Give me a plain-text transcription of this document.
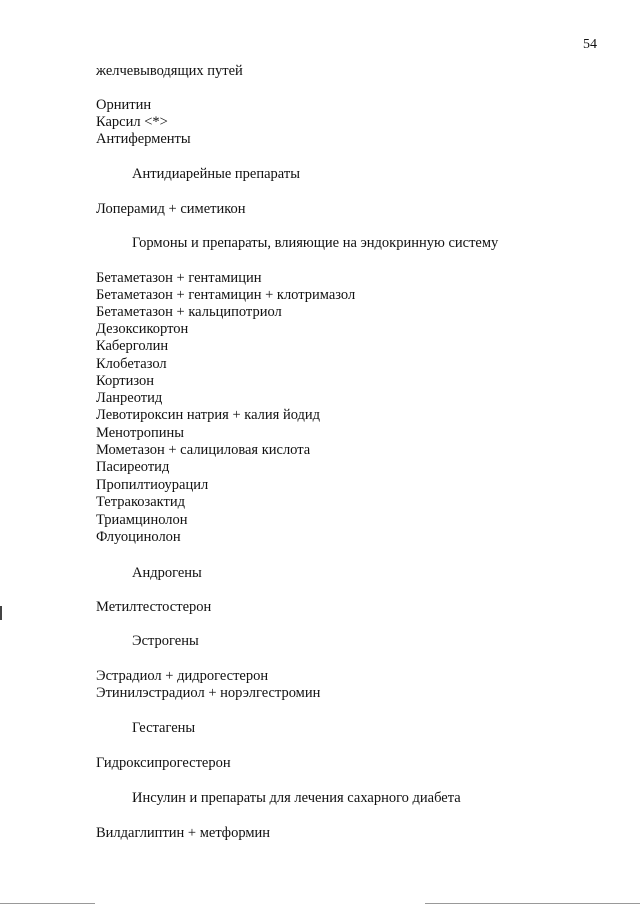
54
желчевыводящих путей
Орнитин
Карсил <*>
Антиферменты
Антидиарейные препараты
Лоперамид + симетикон
Гормоны и препараты, влияющие на эндокринную систему
Бетаметазон + гентамицин
Бетаметазон + гентамицин + клотримазол
Бетаметазон + кальципотриол
Дезоксикортон
Каберголин
Клобетазол
Кортизон
Ланреотид
Левотироксин натрия + калия йодид
Менотропины
Мометазон + салициловая кислота
Пасиреотид
Пропилтиоурацил
Тетракозактид
Триамцинолон
Флуоцинолон
Андрогены
Метилтестостерон
Эстрогены
Эстрадиол + дидрогестерон
Этинилэстрадиол + норэлгестромин
Гестагены
Гидроксипрогестерон
Инсулин и препараты для лечения сахарного диабета
Вилдаглиптин + метформин
